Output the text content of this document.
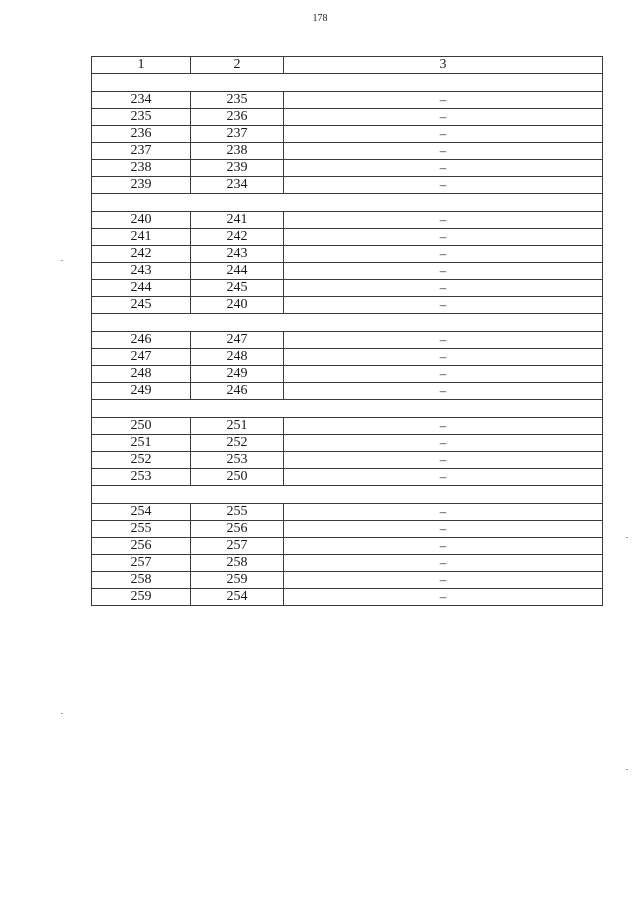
178
1	2	3

234	235	–
235	236	–
236	237	–
237	238	–
238	239	–
239	234	–

240	241	–
241	242	–
242	243	–
243	244	–
244	245	–
245	240	–

246	247	–
247	248	–
248	249	–
249	246	–

250	251	–
251	252	–
252	253	–
253	250	–

254	255	–
255	256	–
256	257	–
257	258	–
258	259	–
259	254	–
